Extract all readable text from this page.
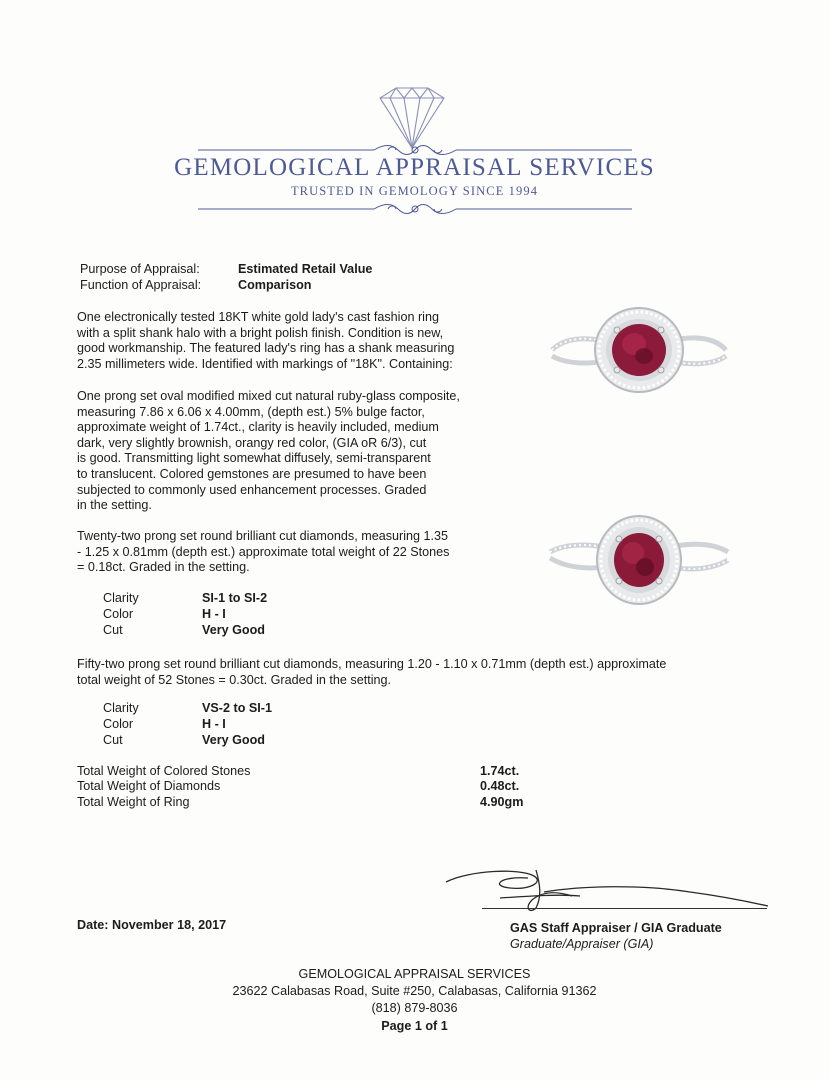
GEMOLOGICAL APPRAISAL SERVICES
TRUSTED IN GEMOLOGY SINCE 1994
Purpose of Appraisal:	Estimated Retail Value
Function of Appraisal:	Comparison
One electronically tested 18KT white gold lady's cast fashion ring
with a split shank halo with a bright polish finish. Condition is new,
good workmanship. The featured lady's ring has a shank measuring
2.35 millimeters wide. Identified with markings of "18K". Containing:
One prong set oval modified mixed cut natural ruby-glass composite,
measuring 7.86 x 6.06 x 4.00mm, (depth est.) 5% bulge factor,
approximate weight of 1.74ct., clarity is heavily included, medium
dark, very slightly brownish, orangy red color, (GIA oR 6/3), cut
is good. Transmitting light somewhat diffusely, semi-transparent
to translucent. Colored gemstones are presumed to have been
subjected to commonly used enhancement processes. Graded
in the setting.
Twenty-two prong set round brilliant cut diamonds, measuring 1.35
- 1.25 x 0.81mm (depth est.) approximate total weight of 22 Stones
= 0.18ct. Graded in the setting.
Clarity	SI-1 to SI-2
Color	H - I
Cut	Very Good
Fifty-two prong set round brilliant cut diamonds, measuring 1.20 - 1.10 x 0.71mm (depth est.) approximate
total weight of 52 Stones = 0.30ct. Graded in the setting.
Clarity	VS-2 to SI-1
Color	H - I
Cut	Very Good
Total Weight of Colored Stones	1.74ct.
Total Weight of Diamonds	0.48ct.
Total Weight of Ring	4.90gm
Date: November 18, 2017	GAS Staff Appraiser / GIA Graduate
Graduate/Appraiser (GIA)
GEMOLOGICAL APPRAISAL SERVICES
23622 Calabasas Road, Suite #250, Calabasas, California 91362
(818) 879-8036
Page 1 of 1
